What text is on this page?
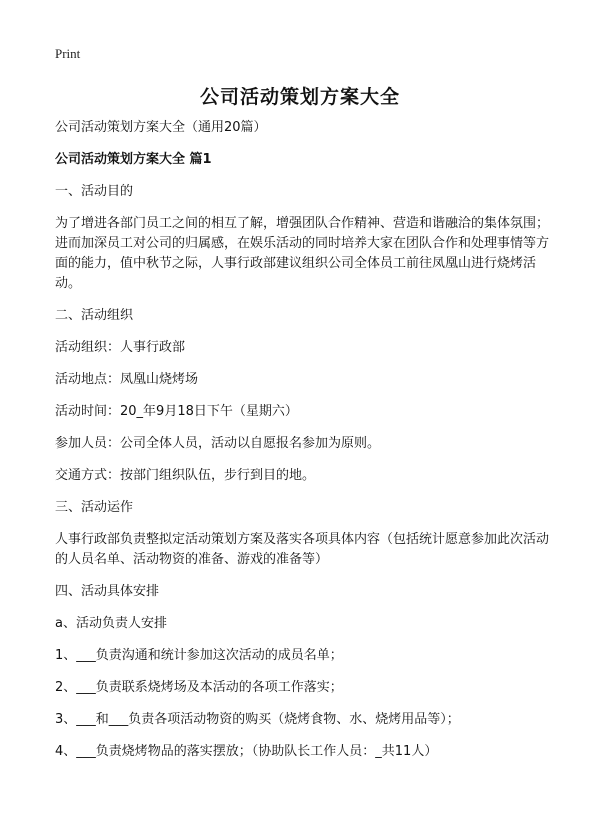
Print
公司活动策划方案大全

公司活动策划方案大全（通用20篇）

公司活动策划方案大全 篇1

一、活动目的

为了增进各部门员工之间的相互了解，增强团队合作精神、营造和谐融洽的集体氛围；进而加深员工对公司的归属感，在娱乐活动的同时培养大家在团队合作和处理事情等方面的能力，值中秋节之际，人事行政部建议组织公司全体员工前往凤凰山进行烧烤活动。

二、活动组织

活动组织：人事行政部

活动地点：凤凰山烧烤场

活动时间：20_年9月18日下午（星期六）

参加人员：公司全体人员，活动以自愿报名参加为原则。

交通方式：按部门组织队伍，步行到目的地。

三、活动运作

人事行政部负责整拟定活动策划方案及落实各项具体内容（包括统计愿意参加此次活动的人员名单、活动物资的准备、游戏的准备等）

四、活动具体安排

a、活动负责人安排

1、___负责沟通和统计参加这次活动的成员名单；

2、___负责联系烧烤场及本活动的各项工作落实；

3、___和___负责各项活动物资的购买（烧烤食物、水、烧烤用品等）；

4、___负责烧烤物品的落实摆放；（协助队长工作人员：_共11人）
